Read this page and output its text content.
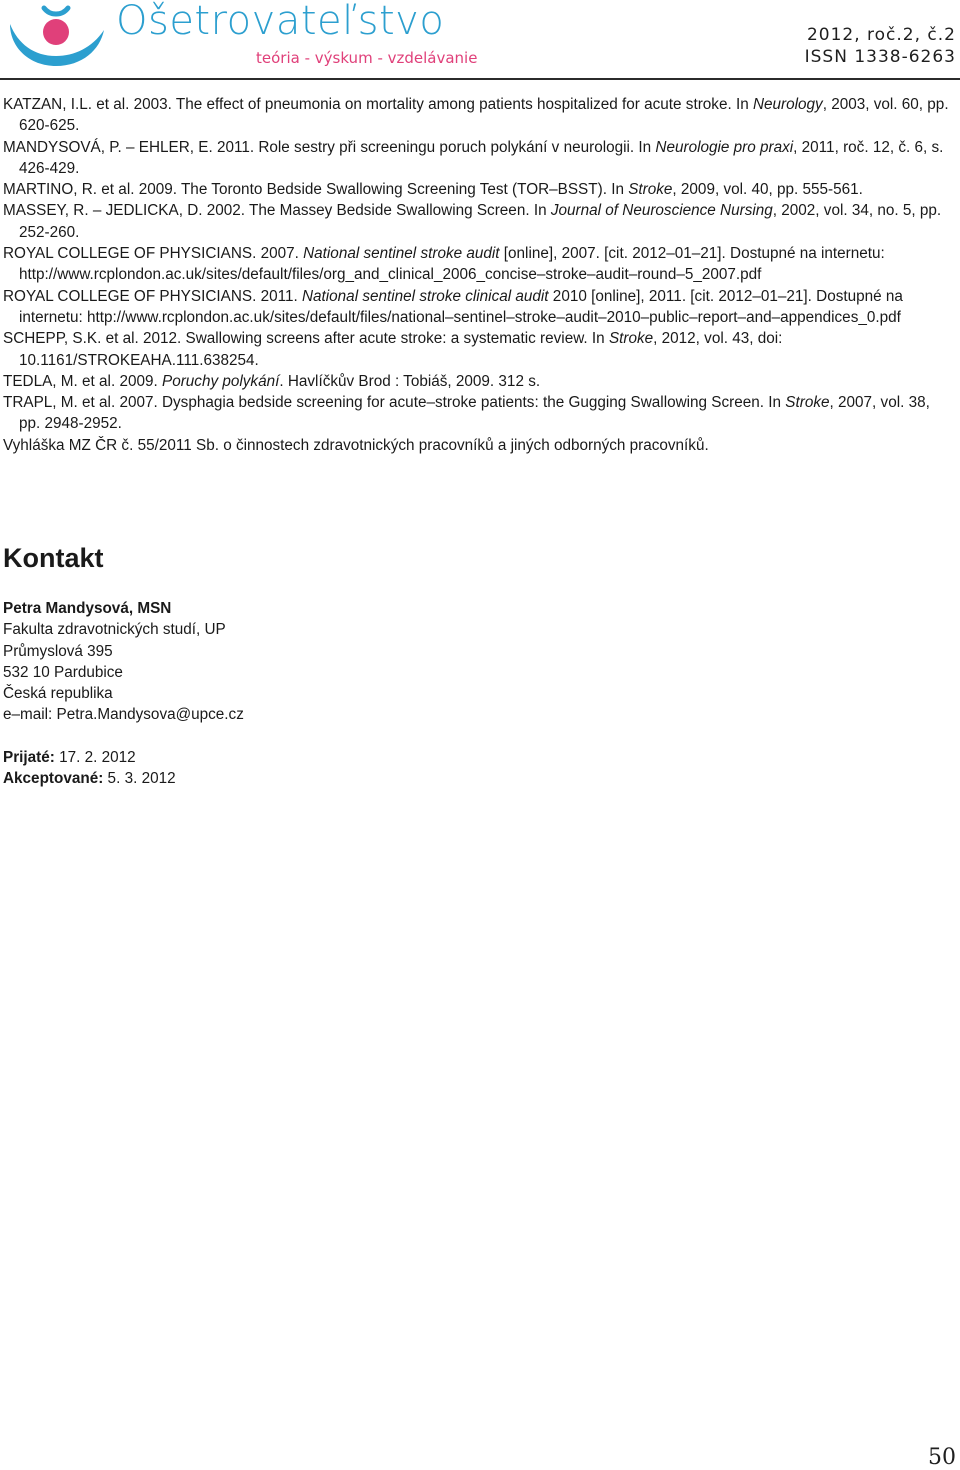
Ošetrovateľstvo
teória - výskum - vzdelávanie
2012, roč.2, č.2
ISSN 1338-6263
KATZAN, I.L. et al. 2003. The effect of pneumonia on mortality among patients hospitalized for acute stroke. In Neurology, 2003, vol. 60, pp. 620-625.
MANDYSOVÁ, P. – EHLER, E. 2011. Role sestry při screeningu poruch polykání v neurologii. In Neurologie pro praxi, 2011, roč. 12, č. 6, s. 426-429.
MARTINO, R. et al. 2009. The Toronto Bedside Swallowing Screening Test (TOR–BSST). In Stroke, 2009, vol. 40, pp. 555-561.
MASSEY, R. – JEDLICKA, D. 2002. The Massey Bedside Swallowing Screen. In Journal of Neuroscience Nursing, 2002, vol. 34, no. 5, pp. 252-260.
ROYAL COLLEGE OF PHYSICIANS. 2007. National sentinel stroke audit [online], 2007. [cit. 2012–01–21]. Dostupné na internetu: http://www.rcplondon.ac.uk/sites/default/files/org_and_clinical_2006_concise–stroke–audit–round–5_2007.pdf
ROYAL COLLEGE OF PHYSICIANS. 2011. National sentinel stroke clinical audit 2010 [online], 2011. [cit. 2012–01–21]. Dostupné na internetu: http://www.rcplondon.ac.uk/sites/default/files/national–sentinel–stroke–audit–2010–public–report–and–appendices_0.pdf
SCHEPP, S.K. et al. 2012. Swallowing screens after acute stroke: a systematic review. In Stroke, 2012, vol. 43, doi: 10.1161/STROKEAHA.111.638254.
TEDLA, M. et al. 2009. Poruchy polykání. Havlíčkův Brod : Tobiáš, 2009. 312 s.
TRAPL, M. et al. 2007. Dysphagia bedside screening for acute–stroke patients: the Gugging Swallowing Screen. In Stroke, 2007, vol. 38, pp. 2948-2952.
Vyhláška MZ ČR č. 55/2011 Sb. o činnostech zdravotnických pracovníků a jiných odborných pracovníků.
Kontakt
Petra Mandysová, MSN
Fakulta zdravotnických studí, UP
Průmyslová 395
532 10 Pardubice
Česká republika
e–mail: Petra.Mandysova@upce.cz
Prijaté: 17. 2. 2012
Akceptované: 5. 3. 2012
50
